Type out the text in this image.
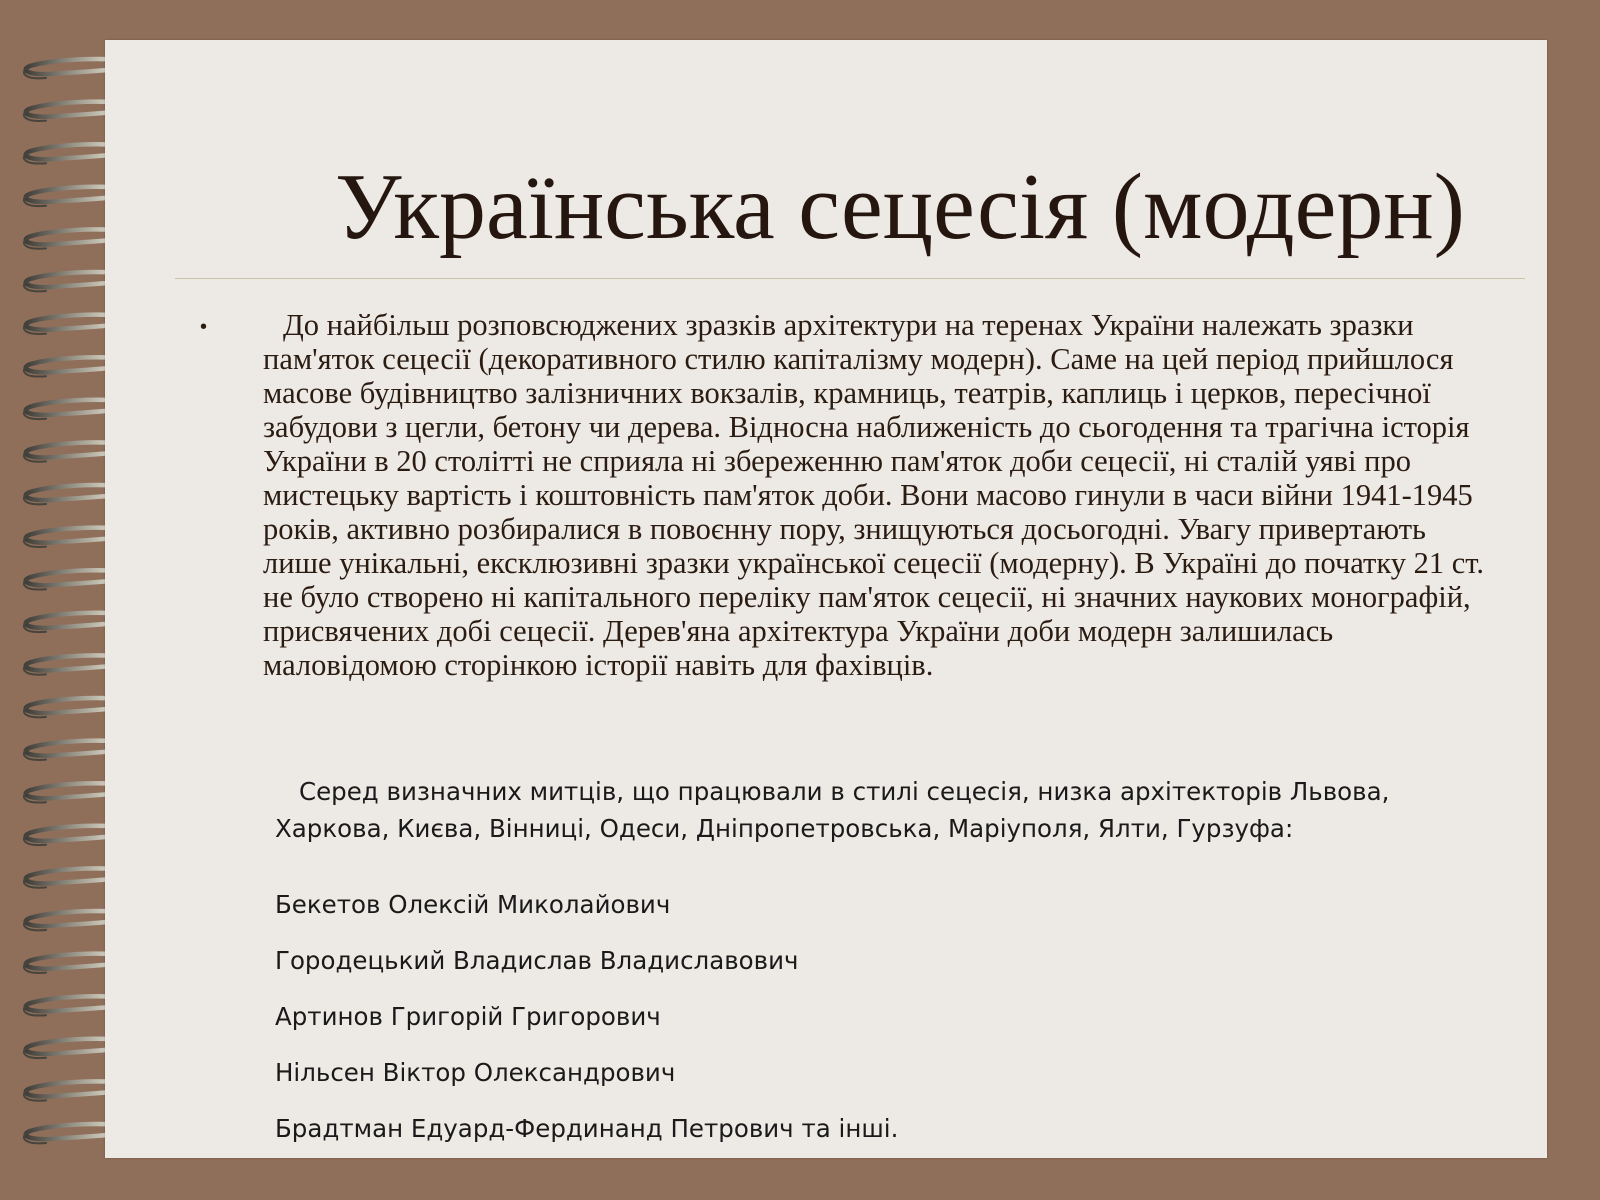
Українська сецесія (модерн)
•	До найбільш розповсюджених зразків архітектури на теренах України належать зразки пам'яток сецесії (декоративного стилю капіталізму модерн). Саме на цей період прийшлося масове будівництво залізничних вокзалів, крамниць, театрів, каплиць і церков, пересічної забудови з цегли, бетону чи дерева. Відносна наближеність до сьогодення та трагічна історія України в 20 столітті не сприяла ні збереженню пам'яток доби сецесії, ні сталій уяві про мистецьку вартість і коштовність пам'яток доби. Вони масово гинули в часи війни 1941-1945 років, активно розбиралися в повоєнну пору, знищуються досьогодні. Увагу привертають лише унікальні, ексклюзивні зразки української сецесії (модерну). В Україні до початку 21 ст. не було створено ні капітального переліку пам'яток сецесії, ні значних наукових монографій, присвячених добі сецесії. Дерев'яна архітектура України доби модерн залишилась маловідомою сторінкою історії навіть для фахівців.

Серед визначних митців, що працювали в стилі сецесія, низка архітекторів Львова, Харкова, Києва, Вінниці, Одеси, Дніпропетровська, Маріуполя, Ялти, Гурзуфа:

Бекетов Олексій Миколайович
Городецький Владислав Владиславович
Артинов Григорій Григорович
Нільсен Віктор Олександрович
Брадтман Едуард-Фердинанд Петрович та інші.
